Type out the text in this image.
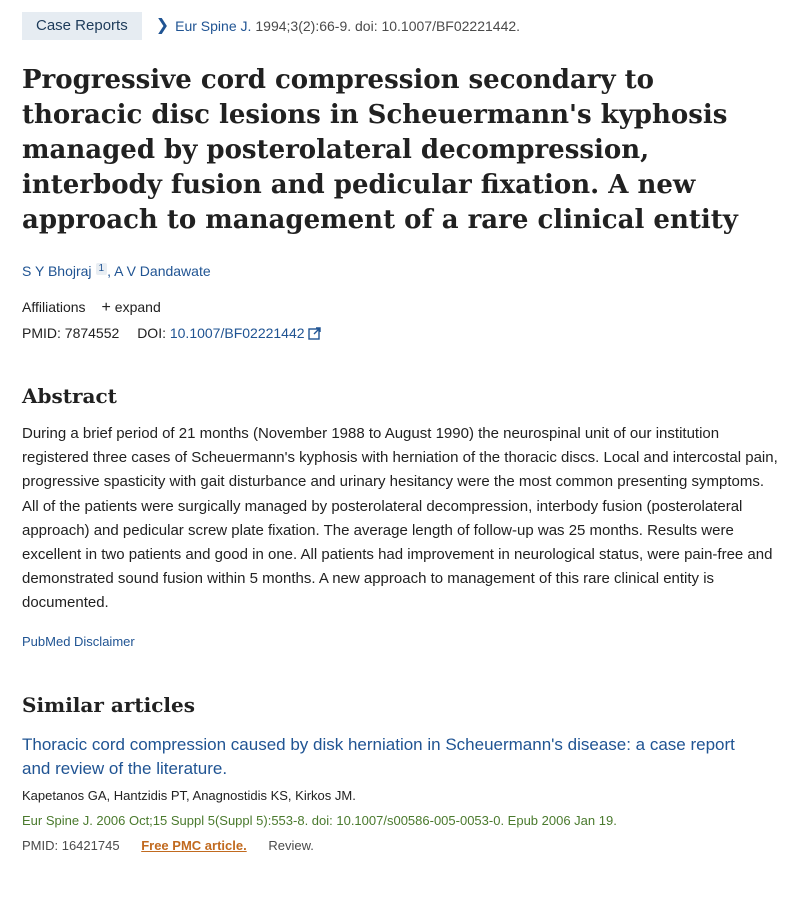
Case Reports	❯ Eur Spine J. 1994;3(2):66-9. doi: 10.1007/BF02221442.
Progressive cord compression secondary to thoracic disc lesions in Scheuermann's kyphosis managed by posterolateral decompression, interbody fusion and pedicular fixation. A new approach to management of a rare clinical entity
S Y Bhojraj 1 , A V Dandawate
Affiliations + expand
PMID: 7874552 DOI: 10.1007/BF02221442
Abstract
During a brief period of 21 months (November 1988 to August 1990) the neurospinal unit of our institution registered three cases of Scheuermann's kyphosis with herniation of the thoracic discs. Local and intercostal pain, progressive spasticity with gait disturbance and urinary hesitancy were the most common presenting symptoms. All of the patients were surgically managed by posterolateral decompression, interbody fusion (posterolateral approach) and pedicular screw plate fixation. The average length of follow-up was 25 months. Results were excellent in two patients and good in one. All patients had improvement in neurological status, were pain-free and demonstrated sound fusion within 5 months. A new approach to management of this rare clinical entity is documented.
PubMed Disclaimer
Similar articles
Thoracic cord compression caused by disk herniation in Scheuermann's disease: a case report and review of the literature.
Kapetanos GA, Hantzidis PT, Anagnostidis KS, Kirkos JM.
Eur Spine J. 2006 Oct;15 Suppl 5(Suppl 5):553-8. doi: 10.1007/s00586-005-0053-0. Epub 2006 Jan 19.
PMID: 16421745 Free PMC article. Review.
